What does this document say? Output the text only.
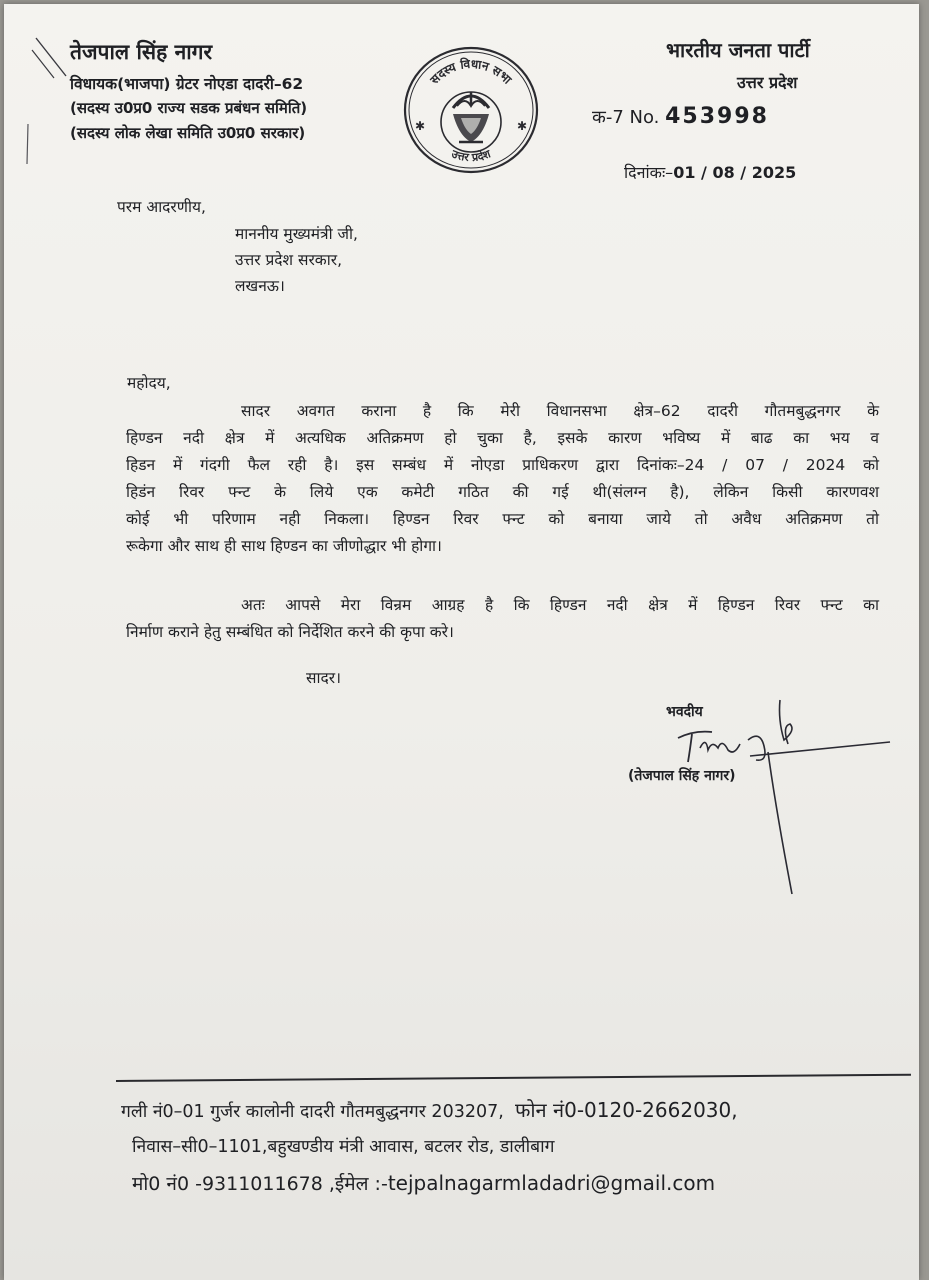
तेजपाल सिंह नागर
विधायक(भाजपा) ग्रेटर नोएडा दादरी–62
(सदस्य उ0प्र0 राज्य सडक प्रबंधन समिति)
(सदस्य लोक लेखा समिति उ0प्र0 सरकार)
सदस्य विधान सभा
उत्तर प्रदेश
✱	✱
भारतीय जनता पार्टी
उत्तर प्रदेश
क-7 No. 453998
दिनांकः–01 / 08 / 2025
परम आदरणीय,
माननीय मुख्यमंत्री जी,
उत्तर प्रदेश सरकार,
लखनऊ।
महोदय,
सादर अवगत कराना है कि मेरी विधानसभा क्षेत्र–62 दादरी गौतमबुद्धनगर के
हिण्डन नदी क्षेत्र में अत्यधिक अतिक्रमण हो चुका है, इसके कारण भविष्य में बाढ का भय व
हिडन में गंदगी फैल रही है। इस सम्बंध में नोएडा प्राधिकरण द्वारा दिनांकः–24 / 07 / 2024 को
हिडंन रिवर फ्न्ट के लिये एक कमेटी गठित की गई थी(संलग्न है), लेकिन किसी कारणवश
कोई भी परिणाम नही निकला। हिण्डन रिवर फ्न्ट को बनाया जाये तो अवैध अतिक्रमण तो
रूकेगा और साथ ही साथ हिण्डन का जीणोद्धार भी होगा।
अतः आपसे मेरा विन्रम आग्रह है कि हिण्डन नदी क्षेत्र में हिण्डन रिवर फ्न्ट का
निर्माण कराने हेतु सम्बंधित को निर्देशित करने की कृपा करे।
सादर।
भवदीय
(तेजपाल सिंह नागर)
गली नं0–01 गुर्जर कालोनी दादरी गौतमबुद्धनगर 203207, फोन नं0-0120-2662030,
निवास–सी0–1101,बहुखण्डीय मंत्री आवास, बटलर रोड, डालीबाग
मो0 नं0 -9311011678 ,ईमेल :-tejpalnagarmladadri@gmail.com
